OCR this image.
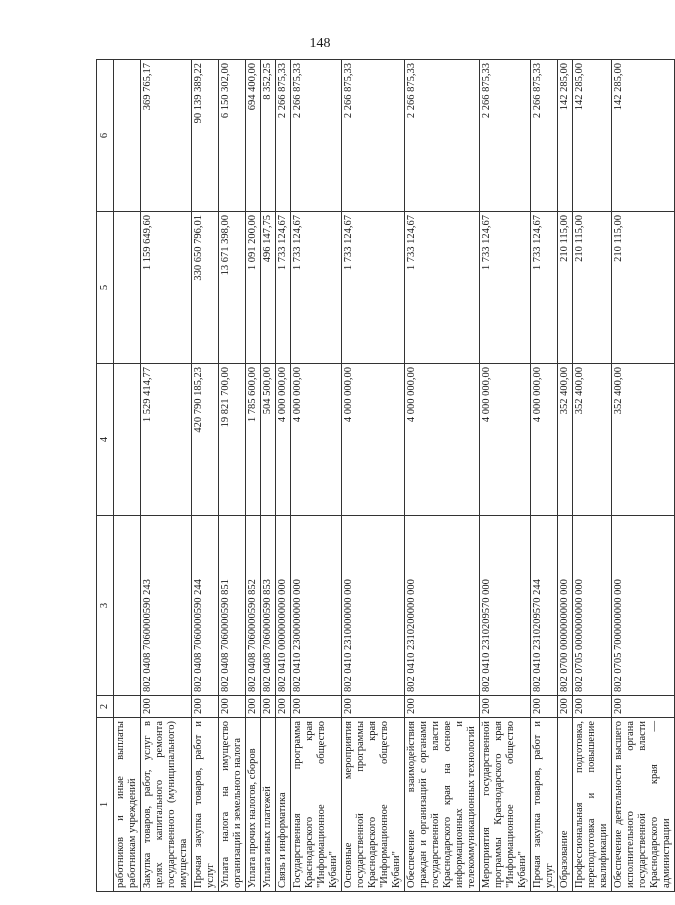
148
1	2	3	4	5	6
работников и иные выплаты работникам учреждений					
Закупка товаров, работ, услуг в целях капитального ремонта государственного (муниципального) имущества	200	802 0408 7060000590 243	1 529 414,77	1 159 649,60	369 765,17
Прочая закупка товаров, работ и услуг	200	802 0408 7060000590 244	420 790 185,23	330 650 796,01	90 139 389,22
Уплата налога на имущество организаций и земельного налога	200	802 0408 7060000590 851	19 821 700,00	13 671 398,00	6 150 302,00
Уплата прочих налогов, сборов	200	802 0408 7060000590 852	1 785 600,00	1 091 200,00	694 400,00
Уплата иных платежей	200	802 0408 7060000590 853	504 500,00	496 147,75	8 352,25
Связь и информатика	200	802 0410 0000000000 000	4 000 000,00	1 733 124,67	2 266 875,33
Государственная программа Краснодарского края "Информационное общество Кубани"	200	802 0410 2300000000 000	4 000 000,00	1 733 124,67	2 266 875,33
Основные мероприятия государственной программы Краснодарского края "Информационное общество Кубани"	200	802 0410 2310000000 000	4 000 000,00	1 733 124,67	2 266 875,33
Обеспечение взаимодействия граждан и организаций с органами государственной власти Краснодарского края на основе информационных и телекоммуникационных технологий	200	802 0410 2310200000 000	4 000 000,00	1 733 124,67	2 266 875,33
Мероприятия государственной программы Краснодарского края "Информационное общество Кубани"	200	802 0410 2310209570 000	4 000 000,00	1 733 124,67	2 266 875,33
Прочая закупка товаров, работ и услуг	200	802 0410 2310209570 244	4 000 000,00	1 733 124,67	2 266 875,33
Образование	200	802 0700 0000000000 000	352 400,00	210 115,00	142 285,00
Профессиональная подготовка, переподготовка и повышение квалификации	200	802 0705 0000000000 000	352 400,00	210 115,00	142 285,00
Обеспечение деятельности высшего исполнительного органа государственной власти Краснодарского края — администрации	200	802 0705 7000000000 000	352 400,00	210 115,00	142 285,00
